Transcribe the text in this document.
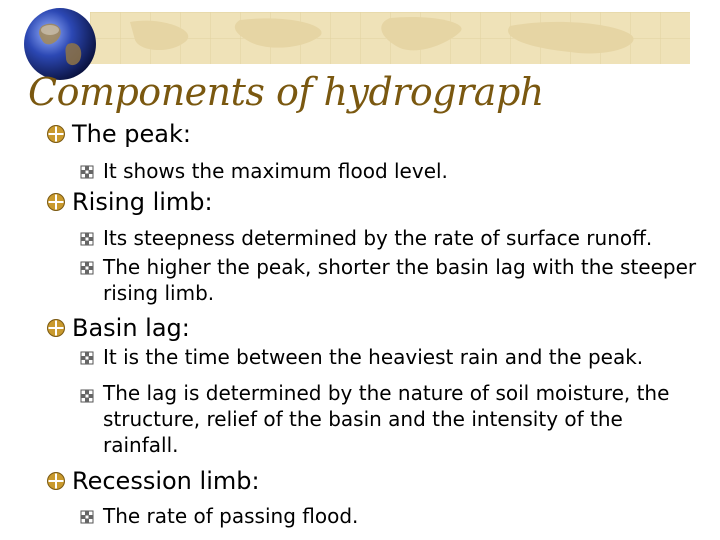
Components of hydrograph
The peak:
It shows the maximum flood level.
Rising limb:
Its steepness determined by the rate of surface runoff.
The higher the peak, shorter the basin lag with the steeper rising limb.
Basin lag:
It is the time between the heaviest rain and the peak.
The lag is determined by the nature of soil moisture, the structure, relief of the basin and the intensity of the rainfall.
Recession limb:
The rate of passing flood.
